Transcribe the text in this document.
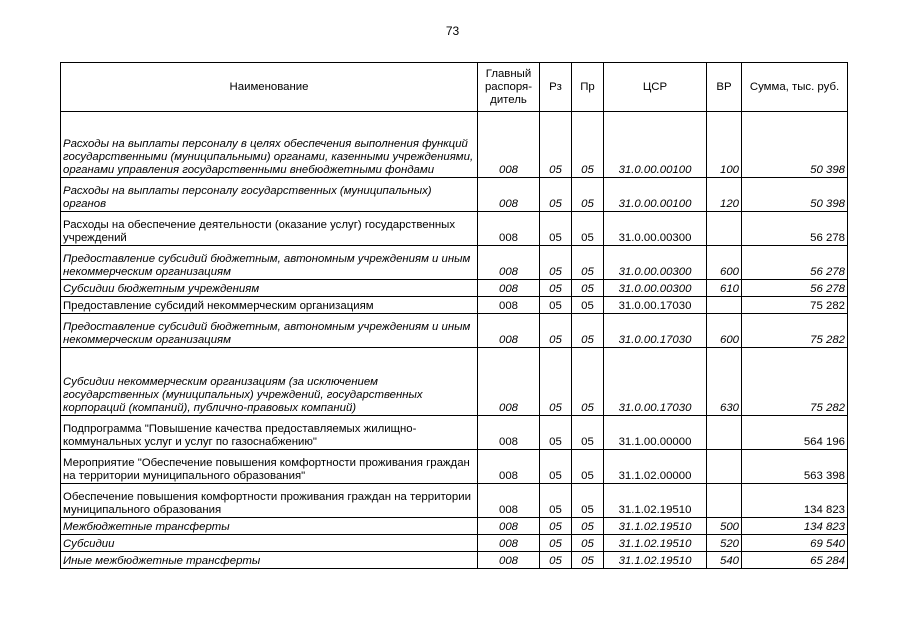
73
Наименование	Главный распоря-дитель	Рз	Пр	ЦСР	ВР	Сумма, тыс. руб.
Расходы на выплаты персоналу в целях обеспечения выполнения функций государственными (муниципальными) органами, казенными учреждениями, органами управления государственными внебюджетными фондами	008	05	05	31.0.00.00100	100	50 398
Расходы на выплаты персоналу государственных (муниципальных) органов	008	05	05	31.0.00.00100	120	50 398
Расходы на обеспечение деятельности (оказание услуг) государственных учреждений	008	05	05	31.0.00.00300		56 278
Предоставление субсидий бюджетным, автономным учреждениям и иным некоммерческим организациям	008	05	05	31.0.00.00300	600	56 278
Субсидии бюджетным учреждениям	008	05	05	31.0.00.00300	610	56 278
Предоставление субсидий некоммерческим организациям	008	05	05	31.0.00.17030		75 282
Предоставление субсидий бюджетным, автономным учреждениям и иным некоммерческим организациям	008	05	05	31.0.00.17030	600	75 282
Субсидии некоммерческим организациям (за исключением государственных (муниципальных) учреждений, государственных корпораций (компаний), публично-правовых компаний)	008	05	05	31.0.00.17030	630	75 282
Подпрограмма "Повышение качества предоставляемых жилищно-коммунальных услуг и услуг по газоснабжению"	008	05	05	31.1.00.00000		564 196
Мероприятие "Обеспечение повышения комфортности проживания граждан на территории муниципального образования"	008	05	05	31.1.02.00000		563 398
Обеспечение повышения комфортности проживания граждан на территории муниципального образования	008	05	05	31.1.02.19510		134 823
Межбюджетные трансферты	008	05	05	31.1.02.19510	500	134 823
Субсидии	008	05	05	31.1.02.19510	520	69 540
Иные межбюджетные трансферты	008	05	05	31.1.02.19510	540	65 284
